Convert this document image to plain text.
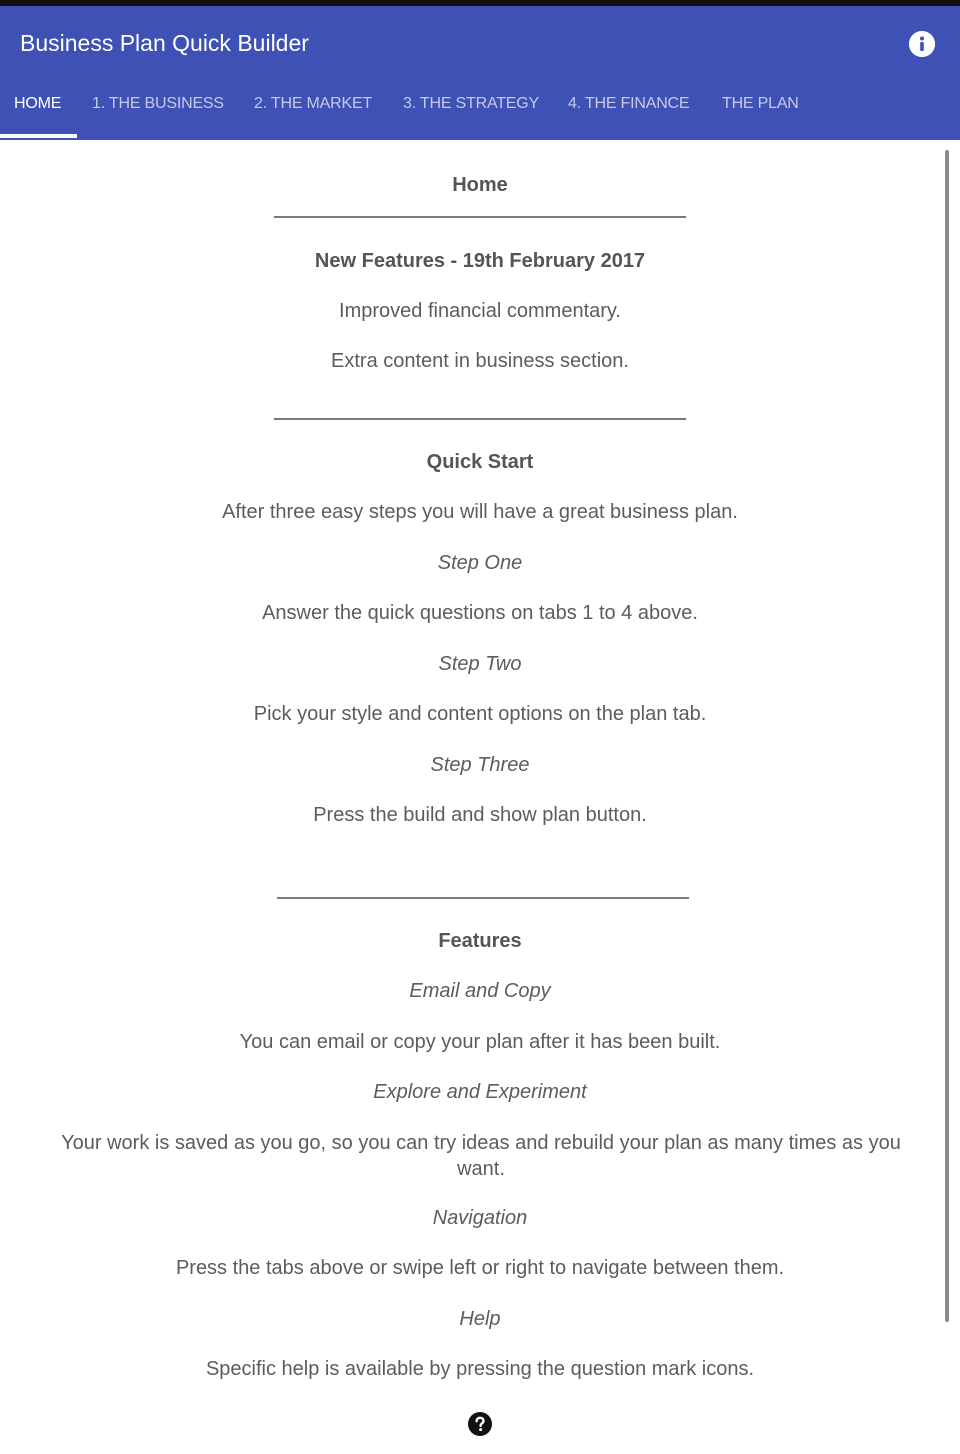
Business Plan Quick Builder
HOME 1. THE BUSINESS 2. THE MARKET 3. THE STRATEGY 4. THE FINANCE THE PLAN
Home
New Features - 19th February 2017
Improved financial commentary.
Extra content in business section.
Quick Start
After three easy steps you will have a great business plan.
Step One
Answer the quick questions on tabs 1 to 4 above.
Step Two
Pick your style and content options on the plan tab.
Step Three
Press the build and show plan button.
Features
Email and Copy
You can email or copy your plan after it has been built.
Explore and Experiment
Your work is saved as you go, so you can try ideas and rebuild your plan as many times as you want.
Navigation
Press the tabs above or swipe left or right to navigate between them.
Help
Specific help is available by pressing the question mark icons.
